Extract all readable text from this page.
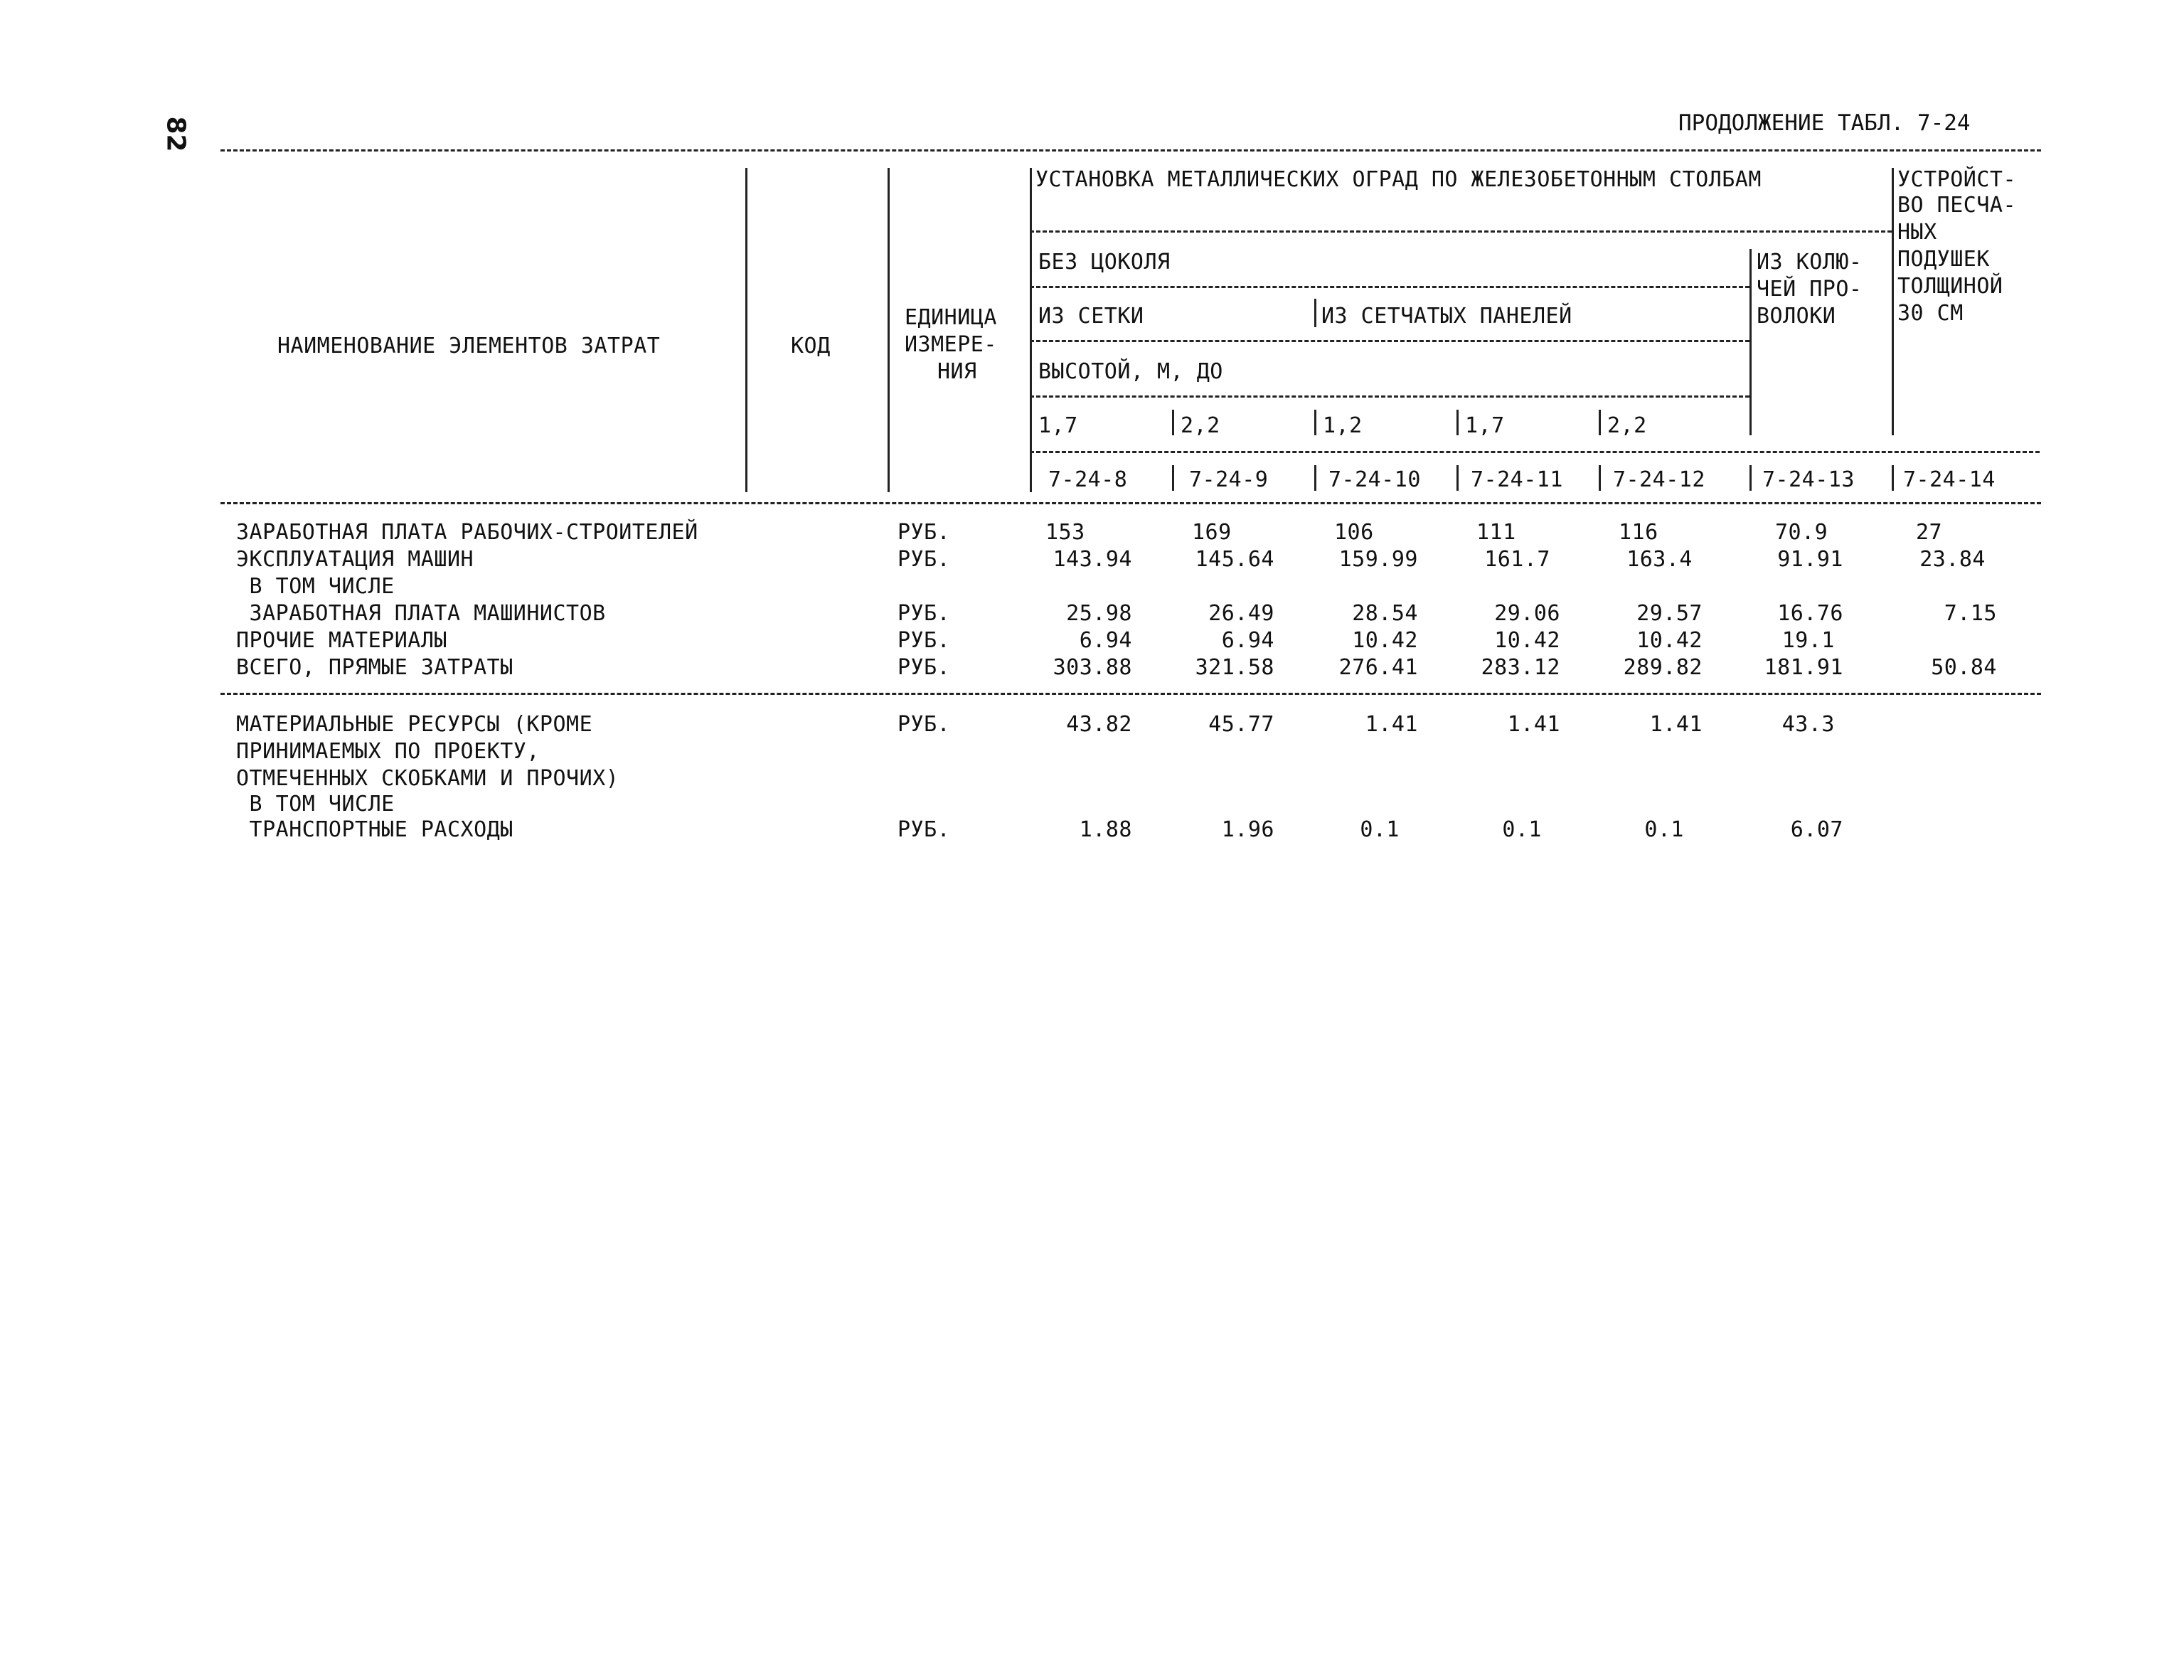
82	ПРОДОЛЖЕНИЕ ТАБЛ. 7-24
НАИМЕНОВАНИЕ ЭЛЕМЕНТОВ ЗАТРАТ	КОД
ЕДИНИЦА
ИЗМЕРЕ-
НИЯ
УСТАНОВКА МЕТАЛЛИЧЕСКИХ ОГРАД ПО ЖЕЛЕЗОБЕТОННЫМ СТОЛБАМ	УСТРОЙСТ-
ВО ПЕСЧА-
НЫХ
ПОДУШЕК
ТОЛЩИНОЙ
30 СМ
БЕЗ ЦОКОЛЯ	ИЗ КОЛЮ-
ЧЕЙ ПРО-
ВОЛОКИ
ИЗ СЕТКИ	ИЗ СЕТЧАТЫХ ПАНЕЛЕЙ
ВЫСОТОЙ, М, ДО
1,7	2,2	1,2	1,7	2,2
7-24-8	7-24-9	7-24-10 7-24-11 7-24-12	7-24-13 7-24-14
ЗАРАБОТНАЯ ПЛАТА РАБОЧИХ-СТРОИТЕЛЕЙ	РУБ.	153	169	106	111	116	70.9	27
ЭКСПЛУАТАЦИЯ МАШИН	РУБ.	143.94	145.64	159.99	161.7	163.4	91.91	23.84
В ТОМ ЧИСЛЕ
ЗАРАБОТНАЯ ПЛАТА МАШИНИСТОВ	РУБ.	25.98	26.49	28.54	29.06	29.57	16.76	7.15
ПРОЧИЕ МАТЕРИАЛЫ	РУБ.	6.94	6.94	10.42	10.42	10.42	19.1
ВСЕГО, ПРЯМЫЕ ЗАТРАТЫ	РУБ.	303.88	321.58	276.41	283.12	289.82	181.91	50.84
МАТЕРИАЛЬНЫЕ РЕСУРСЫ (КРОМЕ	РУБ.	43.82	45.77	1.41	1.41	1.41	43.3
ПРИНИМАЕМЫХ ПО ПРОЕКТУ,
ОТМЕЧЕННЫХ СКОБКАМИ И ПРОЧИХ)
В ТОМ ЧИСЛЕ
ТРАНСПОРТНЫЕ РАСХОДЫ	РУБ.	1.88	1.96	0.1	0.1	0.1	6.07
